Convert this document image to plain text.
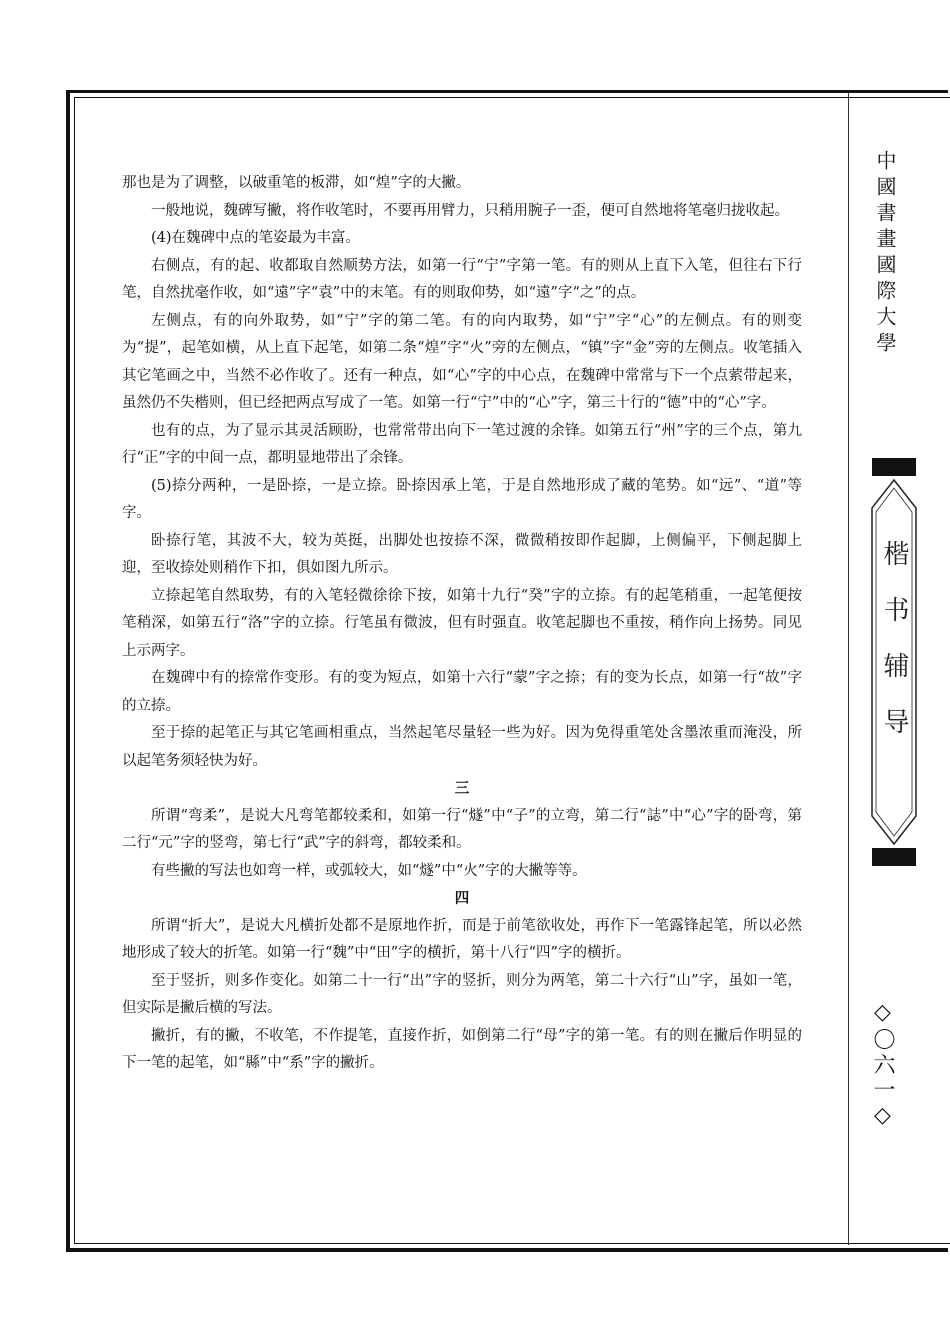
中國書畫國際大學
楷书辅导
◇〇六一◇

那也是为了调整，以破重笔的板滞，如“煌”字的大撇。

一般地说，魏碑写撇，将作收笔时，不要再用臂力，只稍用腕子一歪，便可自然地将笔毫归拢收起。

(4)在魏碑中点的笔姿最为丰富。

右侧点，有的起、收都取自然顺势方法，如第一行“宁”字第一笔。有的则从上直下入笔，但往右下行笔，自然扰毫作收，如“遠”字“袁”中的末笔。有的则取仰势，如“遠”字“之”的点。

左侧点，有的向外取势，如“宁”字的第二笔。有的向内取势，如“宁”字“心”的左侧点。有的则变为“提”，起笔如横，从上直下起笔，如第二条“煌”字“火”旁的左侧点，“镇”字“金”旁的左侧点。收笔插入其它笔画之中，当然不必作收了。还有一种点，如“心”字的中心点，在魏碑中常常与下一个点萦带起来，虽然仍不失楷则，但已经把两点写成了一笔。如第一行“宁”中的“心”字，第三十行的“德”中的“心”字。

也有的点，为了显示其灵活顾盼，也常常带出向下一笔过渡的余锋。如第五行“州”字的三个点，第九行“正”字的中间一点，都明显地带出了余锋。

(5)捺分两种，一是卧捺，一是立捺。卧捺因承上笔，于是自然地形成了藏的笔势。如“远”、“道”等字。

卧捺行笔，其波不大，较为英挺，出脚处也按捺不深，微微稍按即作起脚，上侧偏平，下侧起脚上迎，至收捺处则稍作下扣，俱如图九所示。

立捺起笔自然取势，有的入笔轻微徐徐下按，如第十九行“癸”字的立捺。有的起笔稍重，一起笔便按笔稍深，如第五行“洛”字的立捺。行笔虽有微波，但有时强直。收笔起脚也不重按，稍作向上扬势。同见上示两字。

在魏碑中有的捺常作变形。有的变为短点，如第十六行“蒙”字之捺；有的变为长点，如第一行“故”字的立捺。

至于捺的起笔正与其它笔画相重点，当然起笔尽量轻一些为好。因为免得重笔处含墨浓重而淹没，所以起笔务须轻快为好。

三

所谓“弯柔”，是说大凡弯笔都较柔和，如第一行“燧”中“子”的立弯，第二行“誌”中“心”字的卧弯，第二行“元”字的竖弯，第七行“武”字的斜弯，都较柔和。

有些撇的写法也如弯一样，或弧较大，如“燧”中“火”字的大撇等等。

四

所谓“折大”，是说大凡横折处都不是原地作折，而是于前笔欲收处，再作下一笔露锋起笔，所以必然地形成了较大的折笔。如第一行“魏”中“田”字的横折，第十八行“四”字的横折。

至于竖折，则多作变化。如第二十一行“出”字的竖折，则分为两笔，第二十六行“山”字，虽如一笔，但实际是撇后横的写法。

撇折，有的撇，不收笔，不作提笔，直接作折，如倒第二行“母”字的第一笔。有的则在撇后作明显的下一笔的起笔，如“縣”中“系”字的撇折。
